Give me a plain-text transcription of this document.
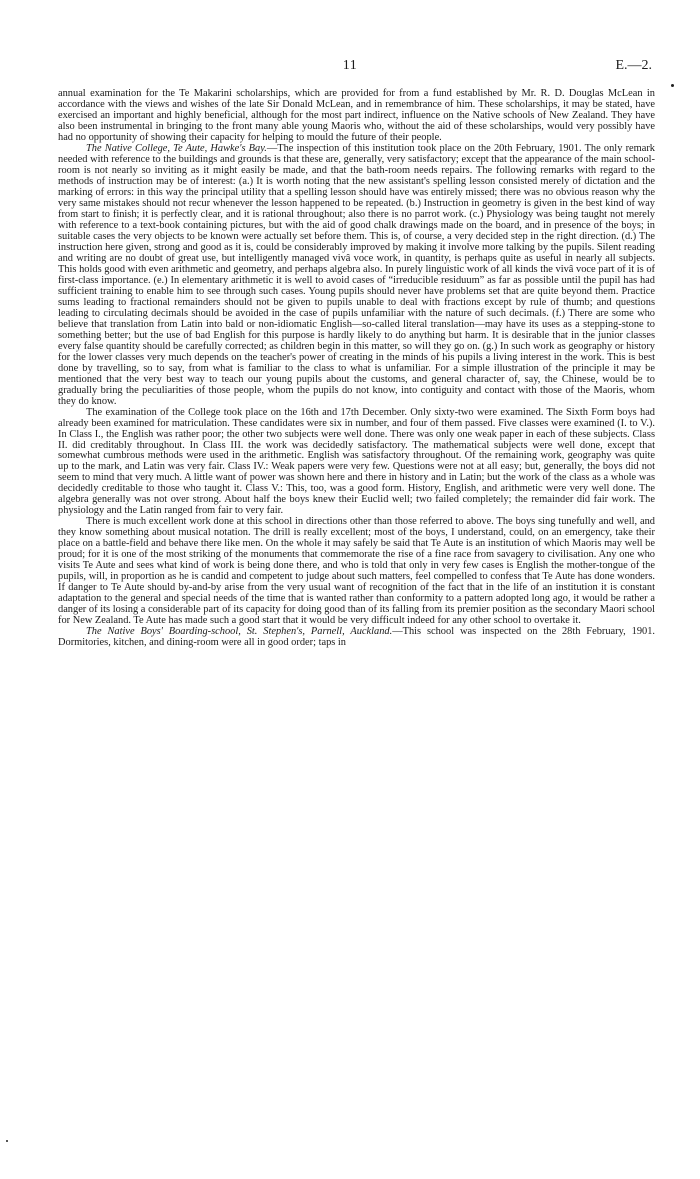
11	E.—2.

annual examination for the Te Makarini scholarships, which are provided for from a fund established by Mr. R. D. Douglas McLean in accordance with the views and wishes of the late Sir Donald McLean, and in remembrance of him. These scholarships, it may be stated, have exercised an important and highly beneficial, although for the most part indirect, influence on the Native schools of New Zealand. They have also been instrumental in bringing to the front many able young Maoris who, without the aid of these scholarships, would very possibly have had no opportunity of showing their capacity for helping to mould the future of their people.

The Native College, Te Aute, Hawke's Bay.—The inspection of this institution took place on the 20th February, 1901. The only remark needed with reference to the buildings and grounds is that these are, generally, very satisfactory; except that the appearance of the main school-room is not nearly so inviting as it might easily be made, and that the bath-room needs repairs. The following remarks with regard to the methods of instruction may be of interest: (a.) It is worth noting that the new assistant's spelling lesson consisted merely of dictation and the marking of errors: in this way the principal utility that a spelling lesson should have was entirely missed; there was no obvious reason why the very same mistakes should not recur whenever the lesson happened to be repeated. (b.) Instruction in geometry is given in the best kind of way from start to finish; it is perfectly clear, and it is rational throughout; also there is no parrot work. (c.) Physiology was being taught not merely with reference to a text-book containing pictures, but with the aid of good chalk drawings made on the board, and in presence of the boys; in suitable cases the very objects to be known were actually set before them. This is, of course, a very decided step in the right direction. (d.) The instruction here given, strong and good as it is, could be considerably improved by making it involve more talking by the pupils. Silent reading and writing are no doubt of great use, but intelligently managed vivâ voce work, in quantity, is perhaps quite as useful in nearly all subjects. This holds good with even arithmetic and geometry, and perhaps algebra also. In purely linguistic work of all kinds the vivâ voce part of it is of first-class importance. (e.) In elementary arithmetic it is well to avoid cases of “irreducible residuum” as far as possible until the pupil has had sufficient training to enable him to see through such cases. Young pupils should never have problems set that are quite beyond them. Practice sums leading to fractional remainders should not be given to pupils unable to deal with fractions except by rule of thumb; and questions leading to circulating decimals should be avoided in the case of pupils unfamiliar with the nature of such decimals. (f.) There are some who believe that translation from Latin into bald or non-idiomatic English—so-called literal translation—may have its uses as a stepping-stone to something better; but the use of bad English for this purpose is hardly likely to do anything but harm. It is desirable that in the junior classes every false quantity should be carefully corrected; as children begin in this matter, so will they go on. (g.) In such work as geography or history for the lower classes very much depends on the teacher's power of creating in the minds of his pupils a living interest in the work. This is best done by travelling, so to say, from what is familiar to the class to what is unfamiliar. For a simple illustration of the principle it may be mentioned that the very best way to teach our young pupils about the customs, and general character of, say, the Chinese, would be to gradually bring the peculiarities of those people, whom the pupils do not know, into contiguity and contact with those of the Maoris, whom they do know.

The examination of the College took place on the 16th and 17th December. Only sixty-two were examined. The Sixth Form boys had already been examined for matriculation. These candidates were six in number, and four of them passed. Five classes were examined (I. to V.). In Class I., the English was rather poor; the other two subjects were well done. There was only one weak paper in each of these subjects. Class II. did creditably throughout. In Class III. the work was decidedly satisfactory. The mathematical subjects were well done, except that somewhat cumbrous methods were used in the arithmetic. English was satisfactory throughout. Of the remaining work, geography was quite up to the mark, and Latin was very fair. Class IV.: Weak papers were very few. Questions were not at all easy; but, generally, the boys did not seem to mind that very much. A little want of power was shown here and there in history and in Latin; but the work of the class as a whole was decidedly creditable to those who taught it. Class V.: This, too, was a good form. History, English, and arithmetic were very well done. The algebra generally was not over strong. About half the boys knew their Euclid well; two failed completely; the remainder did fair work. The physiology and the Latin ranged from fair to very fair.

There is much excellent work done at this school in directions other than those referred to above. The boys sing tunefully and well, and they know something about musical notation. The drill is really excellent; most of the boys, I understand, could, on an emergency, take their place on a battle-field and behave there like men. On the whole it may safely be said that Te Aute is an institution of which Maoris may well be proud; for it is one of the most striking of the monuments that commemorate the rise of a fine race from savagery to civilisation. Any one who visits Te Aute and sees what kind of work is being done there, and who is told that only in very few cases is English the mother-tongue of the pupils, will, in proportion as he is candid and competent to judge about such matters, feel compelled to confess that Te Aute has done wonders. If danger to Te Aute should by-and-by arise from the very usual want of recognition of the fact that in the life of an institution it is constant adaptation to the general and special needs of the time that is wanted rather than conformity to a pattern adopted long ago, it would be rather a danger of its losing a considerable part of its capacity for doing good than of its falling from its premier position as the secondary Maori school for New Zealand. Te Aute has made such a good start that it would be very difficult indeed for any other school to overtake it.

The Native Boys' Boarding-school, St. Stephen's, Parnell, Auckland.—This school was inspected on the 28th February, 1901. Dormitories, kitchen, and dining-room were all in good order; taps in
